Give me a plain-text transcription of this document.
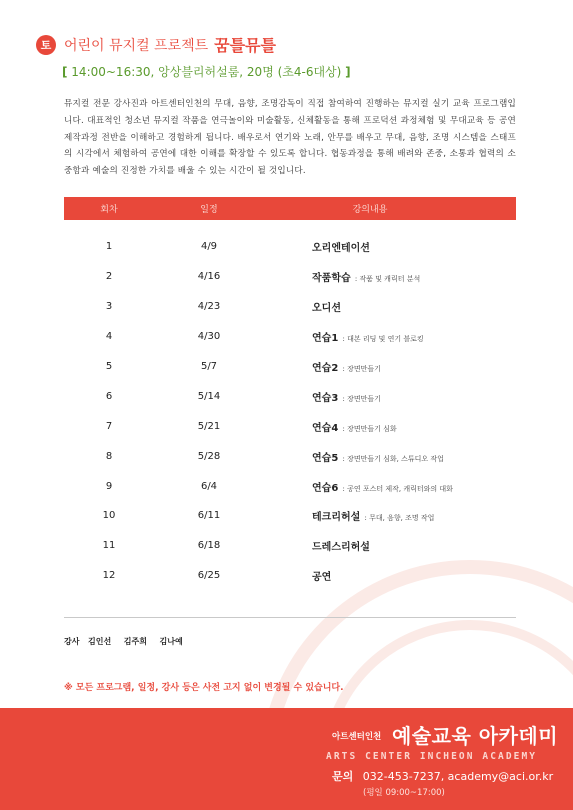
토 어린이 뮤지컬 프로젝트 꿈틀뮤틀
[ 14:00~16:30, 앙상블리허설룸, 20명 (초4-6대상) ]

뮤지컬 전문 강사진과 아트센터인천의 무대, 음향, 조명감독이 직접 참여하여 진행하는 뮤지컬 실기 교육 프로그램입니다. 대표적인 청소년 뮤지컬 작품을 연극놀이와 미술활동, 신체활동을 통해 프로덕션 과정체험 및 무대교육 등 공연 제작과정 전반을 이해하고 경험하게 됩니다. 배우로서 연기와 노래, 안무를 배우고 무대, 음향, 조명 시스템을 스태프의 시각에서 체험하여 공연에 대한 이해를 확장할 수 있도록 합니다. 협동과정을 통해 배려와 존중, 소통과 협력의 소중함과 예술의 진정한 가치를 배울 수 있는 시간이 될 것입니다.

회차	일정	강의내용
1	4/9	오리엔테이션
2	4/16	작품학습 : 작품 및 캐릭터 분석
3	4/23	오디션
4	4/30	연습1 : 대본 리딩 및 연기 블로킹
5	5/7	연습2 : 장면만들기
6	5/14	연습3 : 장면만들기
7	5/21	연습4 : 장면만들기 심화
8	5/28	연습5 : 장면만들기 심화, 스튜디오 작업
9	6/4	연습6 : 공연 포스터 제작, 캐릭터와의 대화
10	6/11	테크리허설 : 무대, 음향, 조명 작업
11	6/18	드레스리허설
12	6/25	공연
강사 김인선 김주희 김나예
※ 모든 프로그램, 일정, 강사 등은 사전 고지 없이 변경될 수 있습니다.
아트센터인천 예술교육 아카데미
ARTS CENTER INCHEON ACADEMY
문의 032-453-7237, academy@aci.or.kr
(평일 09:00~17:00)
